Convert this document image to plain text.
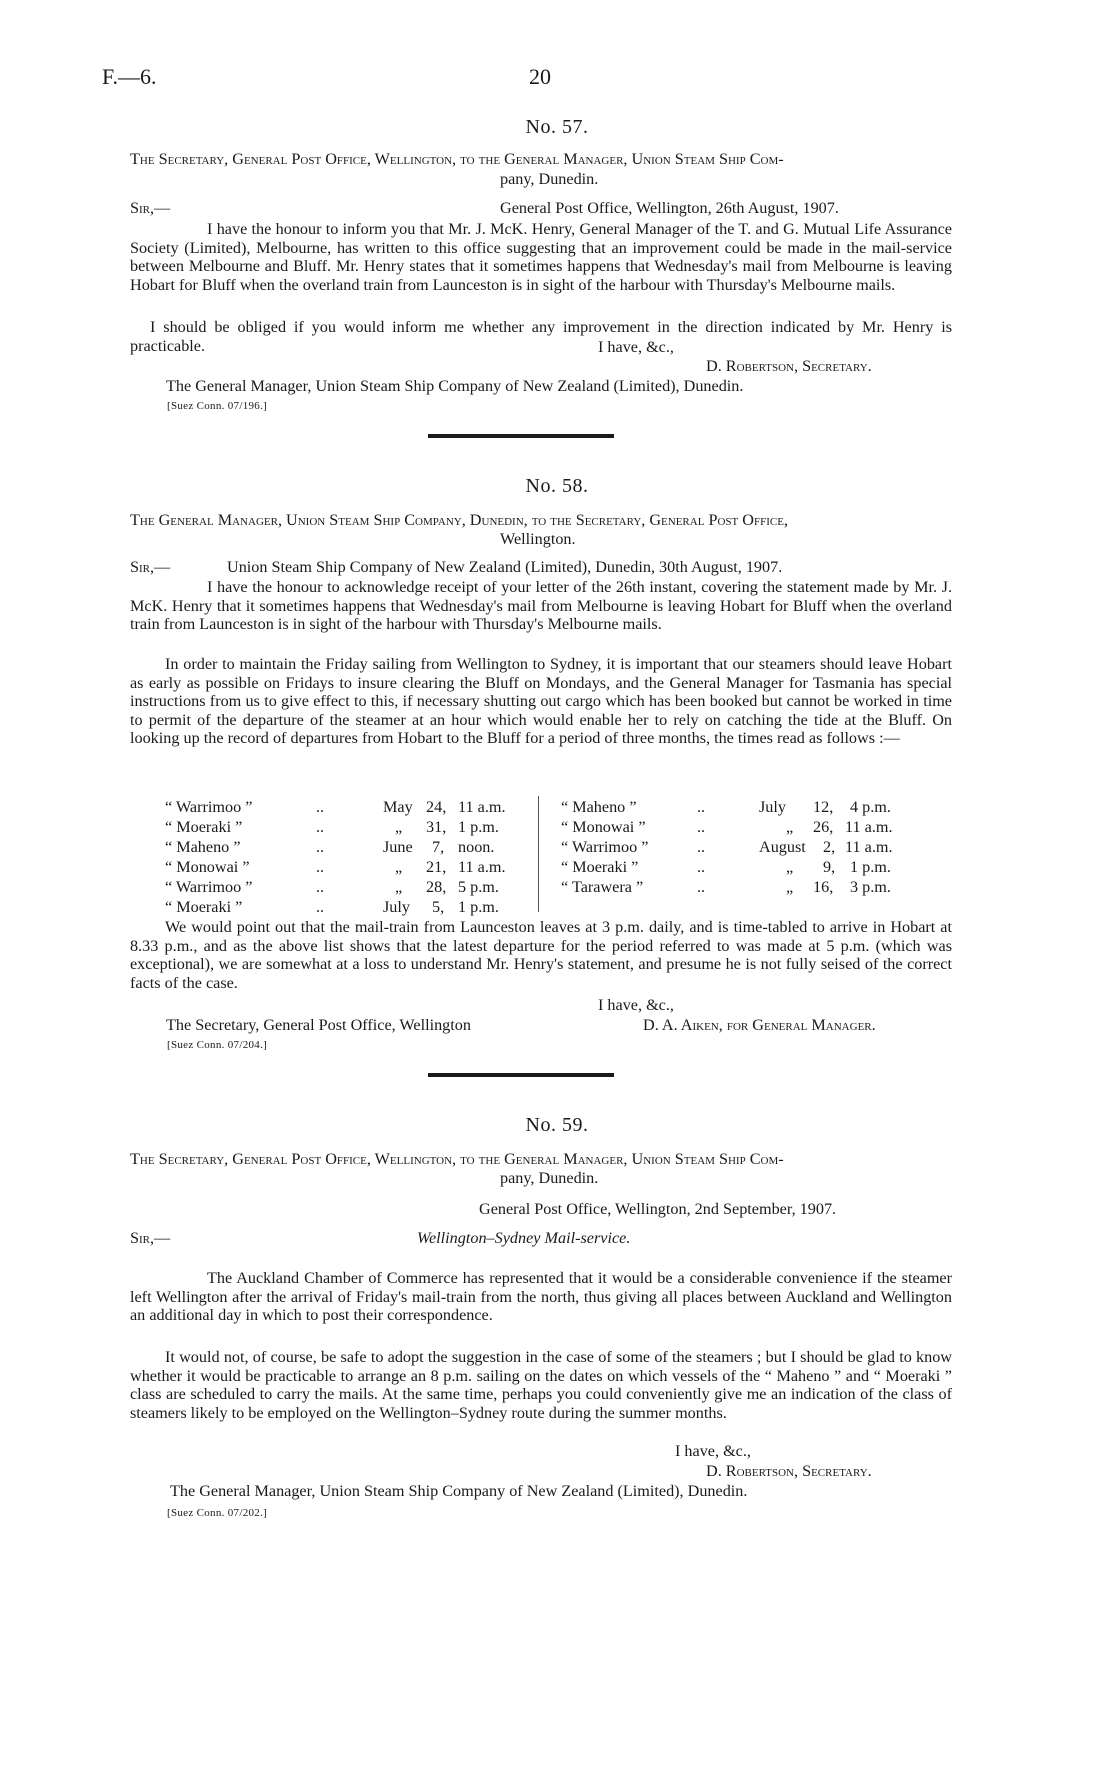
F.—6.	20
No. 57.
The Secretary, General Post Office, Wellington, to the General Manager, Union Steam Ship Com-
pany, Dunedin.
Sir,—	General Post Office, Wellington, 26th August, 1907.

I have the honour to inform you that Mr. J. McK. Henry, General Manager of the T. and G. Mutual Life Assurance Society (Limited), Melbourne, has written to this office suggesting that an improvement could be made in the mail-service between Melbourne and Bluff. Mr. Henry states that it sometimes happens that Wednesday's mail from Melbourne is leaving Hobart for Bluff when the overland train from Launceston is in sight of the harbour with Thursday's Melbourne mails.

I should be obliged if you would inform me whether any improvement in the direction indicated by Mr. Henry is practicable.	I have, &c.,
D. Robertson, Secretary.
The General Manager, Union Steam Ship Company of New Zealand (Limited), Dunedin.
[Suez Conn. 07/196.]
No. 58.
The General Manager, Union Steam Ship Company, Dunedin, to the Secretary, General Post Office,
Wellington.
Sir,—	Union Steam Ship Company of New Zealand (Limited), Dunedin, 30th August, 1907.

I have the honour to acknowledge receipt of your letter of the 26th instant, covering the statement made by Mr. J. McK. Henry that it sometimes happens that Wednesday's mail from Melbourne is leaving Hobart for Bluff when the overland train from Launceston is in sight of the harbour with Thursday's Melbourne mails.

In order to maintain the Friday sailing from Wellington to Sydney, it is important that our steamers should leave Hobart as early as possible on Fridays to insure clearing the Bluff on Mondays, and the General Manager for Tasmania has special instructions from us to give effect to this, if necessary shutting out cargo which has been booked but cannot be worked in time to permit of the departure of the steamer at an hour which would enable her to rely on catching the tide at the Bluff. On looking up the record of departures from Hobart to the Bluff for a period of three months, the times read as follows :—

“ Warrimoo ”	..	May 24, 11 a.m.
“ Moeraki ”	..	„ 31, 1 p.m.
“ Maheno ”	..	June 7, noon.
“ Monowai ”	..	„ 21, 11 a.m.
“ Warrimoo ”	..	„ 28, 5 p.m.
“ Moeraki ”	..	July 5, 1 p.m.
“ Maheno ”	..	July 12, 4 p.m.
“ Monowai ”	..	„ 26, 11 a.m.
“ Warrimoo ”	..	August 2, 11 a.m.
“ Moeraki ”	..	„ 9, 1 p.m.
“ Tarawera ”	..	„ 16, 3 p.m.

We would point out that the mail-train from Launceston leaves at 3 p.m. daily, and is time-tabled to arrive in Hobart at 8.33 p.m., and as the above list shows that the latest departure for the period referred to was made at 5 p.m. (which was exceptional), we are somewhat at a loss to understand Mr. Henry's statement, and presume he is not fully seised of the correct facts of the case.

I have, &c.,
The Secretary, General Post Office, Wellington	D. A. Aiken, for General Manager.
[Suez Conn. 07/204.]
No. 59.
The Secretary, General Post Office, Wellington, to the General Manager, Union Steam Ship Com-
pany, Dunedin.
General Post Office, Wellington, 2nd September, 1907.
Sir,—	Wellington–Sydney Mail-service.

The Auckland Chamber of Commerce has represented that it would be a considerable convenience if the steamer left Wellington after the arrival of Friday's mail-train from the north, thus giving all places between Auckland and Wellington an additional day in which to post their correspondence.

It would not, of course, be safe to adopt the suggestion in the case of some of the steamers ; but I should be glad to know whether it would be practicable to arrange an 8 p.m. sailing on the dates on which vessels of the “ Maheno ” and “ Moeraki ” class are scheduled to carry the mails. At the same time, perhaps you could conveniently give me an indication of the class of steamers likely to be employed on the Wellington–Sydney route during the summer months.

I have, &c.,
D. Robertson, Secretary.
The General Manager, Union Steam Ship Company of New Zealand (Limited), Dunedin.
[Suez Conn. 07/202.]
